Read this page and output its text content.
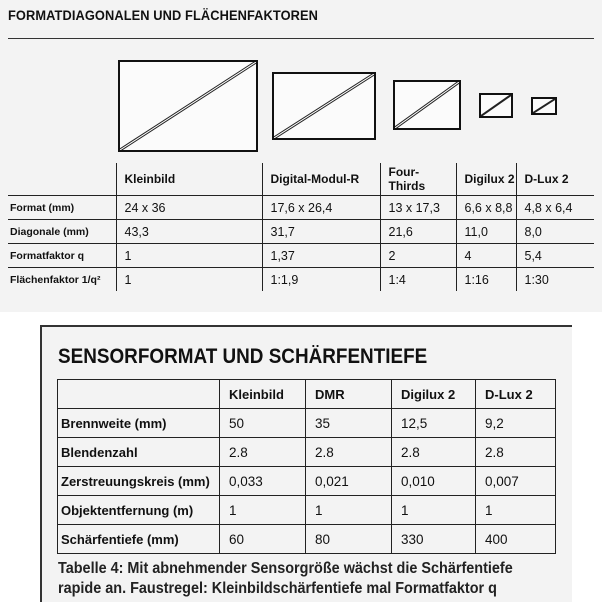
FORMATDIAGONALEN UND FLÄCHENFAKTOREN
	Kleinbild	Digital-Modul-R	Four-Thirds	Digilux 2	D-Lux 2
Format (mm)	24 x 36	17,6 x 26,4	13 x 17,3	6,6 x 8,8	4,8 x 6,4
Diagonale (mm)	43,3	31,7	21,6	11,0	8,0
Formatfaktor q	1	1,37	2	4	5,4
Flächenfaktor 1/q²	1	1:1,9	1:4	1:16	1:30
SENSORFORMAT UND SCHÄRFENTIEFE
	Kleinbild	DMR	Digilux 2	D-Lux 2
Brennweite (mm)	50	35	12,5	9,2
Blendenzahl	2.8	2.8	2.8	2.8
Zerstreuungskreis (mm)	0,033	0,021	0,010	0,007
Objektentfernung (m)	1	1	1	1
Schärfentiefe (mm)	60	80	330	400
Tabelle 4: Mit abnehmender Sensorgröße wächst die Schärfentiefe
rapide an. Faustregel: Kleinbildschärfentiefe mal Formatfaktor q
